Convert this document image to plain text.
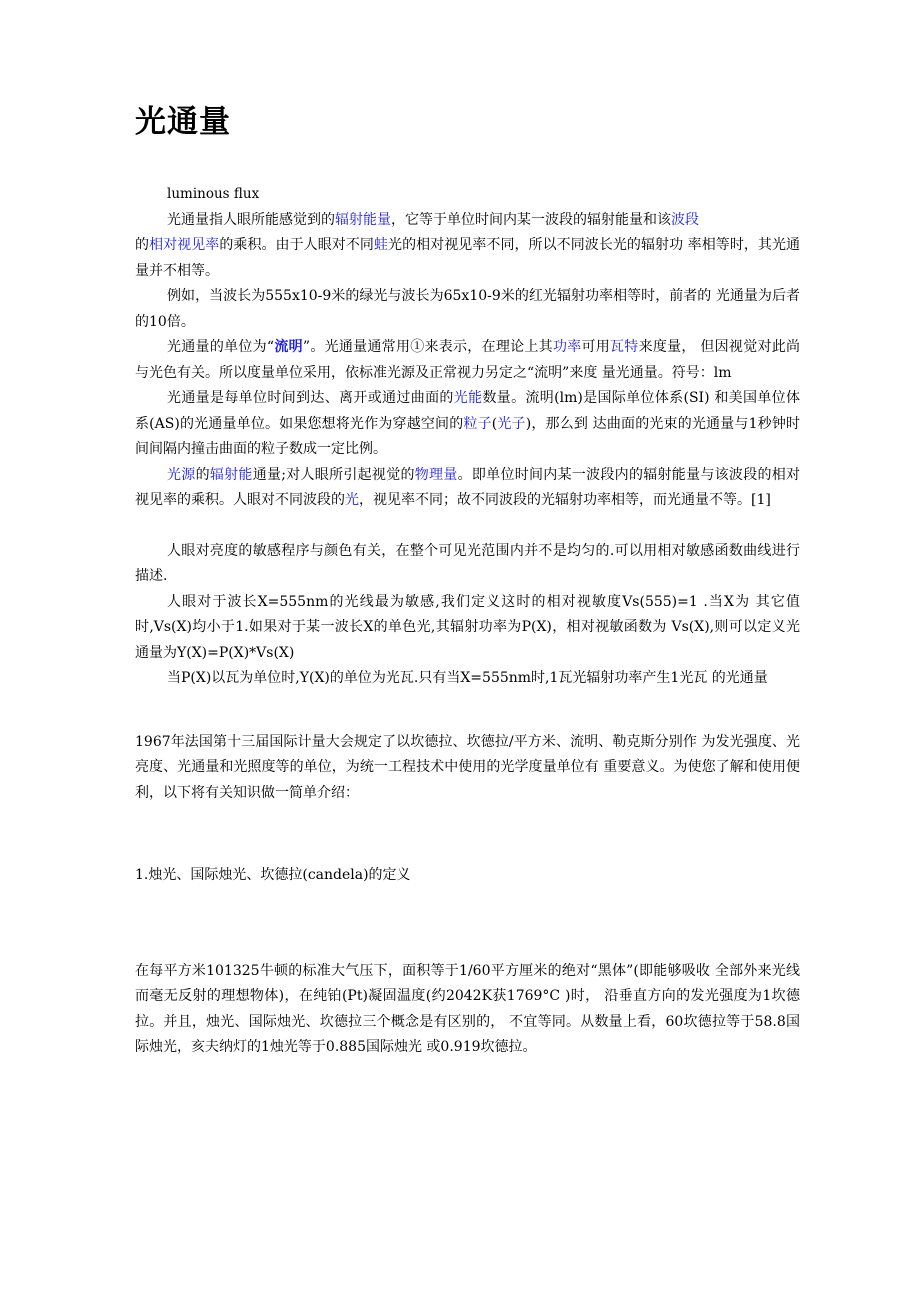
光通量

luminous flux

光通量指人眼所能感觉到的辐射能量，它等于单位时间内某一波段的辐射能量和该波段
的相对视见率的乘积。由于人眼对不同蛙光的相对视见率不同，所以不同波长光的辐射功 率相等时，其光通量并不相等。

例如，当波长为555x10-9米的绿光与波长为65x10-9米的红光辐射功率相等时，前者的 光通量为后者的10倍。

光通量的单位为“流明”。光通量通常用①来表示，在理论上其功率可用瓦特来度量， 但因视觉对此尚与光色有关。所以度量单位采用，依标准光源及正常视力另定之“流明”来度 量光通量。符号：lm

光通量是每单位时间到达、离开或通过曲面的光能数量。流明(lm)是国际单位体系(SI) 和美国单位体系(AS)的光通量单位。如果您想将光作为穿越空间的粒子(光子)，那么到 达曲面的光束的光通量与1秒钟时间间隔内撞击曲面的粒子数成一定比例。

光源的辐射能通量;对人眼所引起视觉的物理量。即单位时间内某一波段内的辐射能量与该波段的相对视见率的乘积。人眼对不同波段的光，视见率不同；故不同波段的光辐射功率相等，而光通量不等。[1]

人眼对亮度的敏感程序与颜色有关，在整个可见光范围内并不是均匀的.可以用相对敏感函数曲线进行描述.

人眼对于波长X=555nm的光线最为敏感,我们定义这时的相对视敏度Vs(555)=1 .当X为 其它值时,Vs(X)均小于1.如果对于某一波长X的单色光,其辐射功率为P(X)，相对视敏函数为 Vs(X),则可以定义光通量为Y(X)=P(X)*Vs(X)

当P(X)以瓦为单位时,Y(X)的单位为光瓦.只有当X=555nm时,1瓦光辐射功率产生1光瓦 的光通量

1967年法国第十三届国际计量大会规定了以坎德拉、坎德拉/平方米、流明、勒克斯分别作 为发光强度、光亮度、光通量和光照度等的单位，为统一工程技术中使用的光学度量单位有 重要意义。为使您了解和使用便利，以下将有关知识做一简单介绍：

1.烛光、国际烛光、坎德拉(candela)的定义

在每平方米101325牛顿的标准大气压下，面积等于1/60平方厘米的绝对“黑体”(即能够吸收 全部外来光线而毫无反射的理想物体)，在纯铂(Pt)凝固温度(约2042K获1769°C )时， 沿垂直方向的发光强度为1坎德拉。并且，烛光、国际烛光、坎德拉三个概念是有区别的， 不宜等同。从数量上看，60坎德拉等于58.8国际烛光，亥夫纳灯的1烛光等于0.885国际烛光 或0.919坎德拉。
